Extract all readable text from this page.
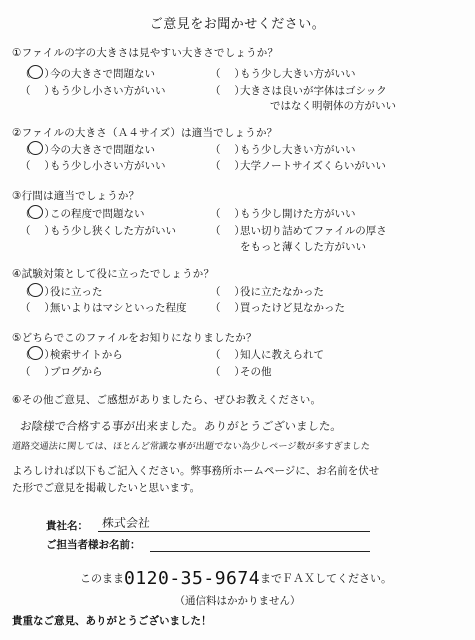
ご意見をお聞かせください。
①ファイルの字の大きさは見やすい大きさでしょうか？
（　 ）今の大きさで問題ない	（　 ）もう少し大きい方がいい
（　 ）もう少し小さい方がいい	（　 ）大きさは良いが字体はゴシック
ではなく明朝体の方がいい
②ファイルの大きさ（Ａ４サイズ）は適当でしょうか？
（　 ）今の大きさで問題ない	（　 ）もう少し大きい方がいい
（　 ）もう少し小さい方がいい	（　 ）大学ノートサイズくらいがいい
③行間は適当でしょうか？
（　 ）この程度で問題ない	（　 ）もう少し開けた方がいい
（　 ）もう少し狭くした方がいい	（　 ）思い切り詰めてファイルの厚さ
をもっと薄くした方がいい
④試験対策として役に立ったでしょうか？
（　 ）役に立った	（　 ）役に立たなかった
（　 ）無いよりはマシといった程度 （　 ）買ったけど見なかった
⑤どちらでこのファイルをお知りになりましたか？
（　 ）検索サイトから	（　 ）知人に教えられて
（　 ）ブログから	（　 ）その他
⑥その他ご意見、ご感想がありましたら、ぜひお教えください。
お陰様で合格する事が出来ました。ありがとうございました。
道路交通法に関しては、ほとんど常識な事が出題でない為少しページ数が多すぎました
よろしければ以下もご記入ください。弊事務所ホームページに、お名前を伏せ
た形でご意見を掲載したいと思います。
貴社名： 株式会社
ご担当者様お名前：
このまま0120-35-9674までＦＡＸしてください。
（通信料はかかりません）
貴重なご意見、ありがとうございました！
